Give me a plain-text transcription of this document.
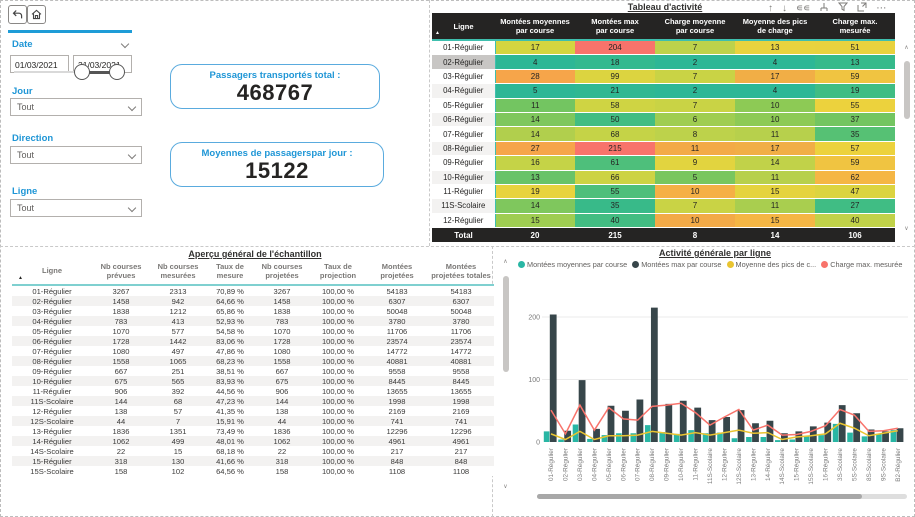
Date
01/03/2021
31/03/2021
Jour
Tout
Direction
Tout
Ligne
Tout
Passagers transportés total :
468767
Moyennes de passagerspar jour :
15122
↑ ↓ ∊∊	⋯
Tableau d'activité
Ligne
▲

Montées moyennes
par course

Montées max
par course

Charge moyenne
par course

Moyenne des pics
de charge

Charge max.
mesurée

01-Régulier	17	204	7	13	51
02-Régulier	4	18	2	4	13
03-Régulier	28	99	7	17	59
04-Régulier	5	21	2	4	19
05-Régulier	11	58	7	10	55
06-Régulier	14	50	6	10	37
07-Régulier	14	68	8	11	35
08-Régulier	27	215	11	17	57
09-Régulier	16	61	9	14	59
10-Régulier	13	66	5	11	62
11-Régulier	19	55	10	15	47
11S-Scolaire	14	35	7	11	27
12-Régulier	15	40	10	15	40
Total	20	215	8	14	106
∧
∨
Aperçu général de l'échantillon
Ligne
▲

Nb courses
prévues

Nb courses
mesurées

Taux de
mesure

Nb courses
projetées

Taux de
projection

Montées projetées

Montées
projetées totales

01-Régulier	3267	2313	70,89 %	3267	100,00 %	54183	54183
02-Régulier	1458	942	64,66 %	1458	100,00 %	6307	6307
03-Régulier	1838	1212	65,86 %	1838	100,00 %	50048	50048
04-Régulier	783	413	52,93 %	783	100,00 %	3780	3780
05-Régulier	1070	577	54,58 %	1070	100,00 %	11706	11706
06-Régulier	1728	1442	83,06 %	1728	100,00 %	23574	23574
07-Régulier	1080	497	47,86 %	1080	100,00 %	14772	14772
08-Régulier	1558	1065	68,23 %	1558	100,00 %	40881	40881
09-Régulier	667	251	38,51 %	667	100,00 %	9558	9558
10-Régulier	675	565	83,93 %	675	100,00 %	8445	8445
11-Régulier	906	392	44,56 %	906	100,00 %	13655	13655
11S-Scolaire	144	68	47,23 %	144	100,00 %	1998	1998
12-Régulier	138	57	41,35 %	138	100,00 %	2169	2169
12S-Scolaire	44	7	15,91 %	44	100,00 %	741	741
13-Régulier	1836	1351	73,49 %	1836	100,00 %	12296	12296
14-Régulier	1062	499	48,01 %	1062	100,00 %	4961	4961
14S-Scolaire	22	15	68,18 %	22	100,00 %	217	217
15-Régulier	318	130	41,66 %	318	100,00 %	848	848
15S-Scolaire	158	102	64,56 %	158	100,00 %	1108	1108
∧
∨
Activité générale par ligne
Montées moyennes par course Montées max par course Moyenne des pics de c... Charge max. mesurée
0
100
200
01-Régulier 02-Régulier 03-Régulier 04-Régulier 05-Régulier 06-Régulier 07-Régulier 08-Régulier 09-Régulier 10-Régulier 11-Régulier 11S-Scolaire 12-Régulier 12S-Scolaire 13-Régulier 14-Régulier 14S-Scolaire 15-Régulier 15S-Scolaire 16-Régulier 3S-Scolaire 5S-Scolaire 8S-Scolaire 9S-Scolaire B2-Régulier
